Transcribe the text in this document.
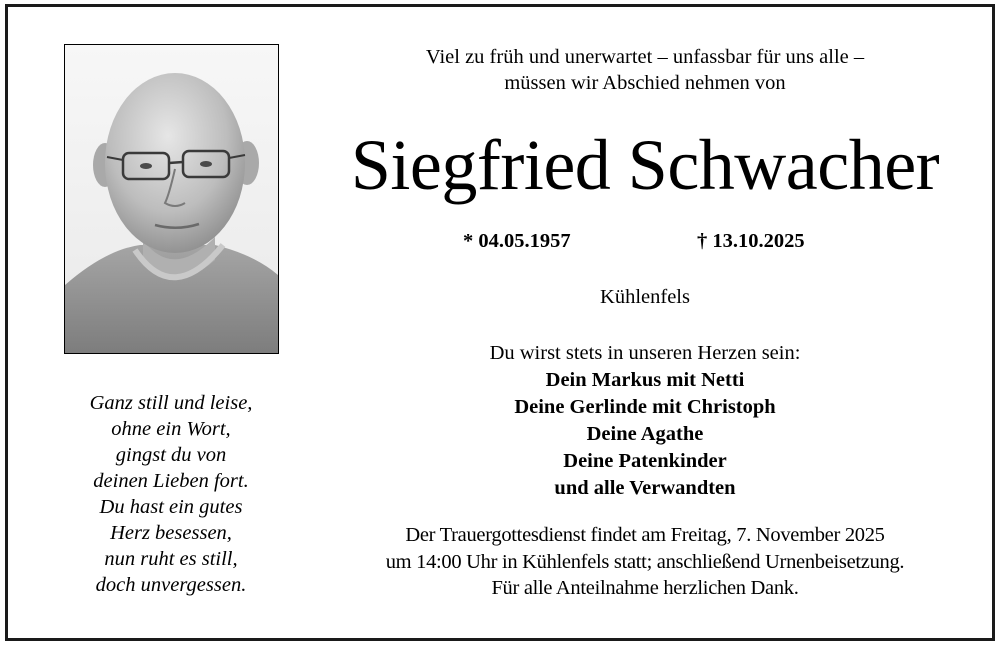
Ganz still und leise,
ohne ein Wort,
gingst du von
deinen Lieben fort.
Du hast ein gutes
Herz besessen,
nun ruht es still,
doch unvergessen.
Viel zu früh und unerwartet – unfassbar für uns alle –
müssen wir Abschied nehmen von
Siegfried Schwacher
* 04.05.1957	† 13.10.2025
Kühlenfels
Du wirst stets in unseren Herzen sein:
Dein Markus mit Netti
Deine Gerlinde mit Christoph
Deine Agathe
Deine Patenkinder
und alle Verwandten
Der Trauergottesdienst findet am Freitag, 7. November 2025
um 14:00 Uhr in Kühlenfels statt; anschließend Urnenbeisetzung.
Für alle Anteilnahme herzlichen Dank.
